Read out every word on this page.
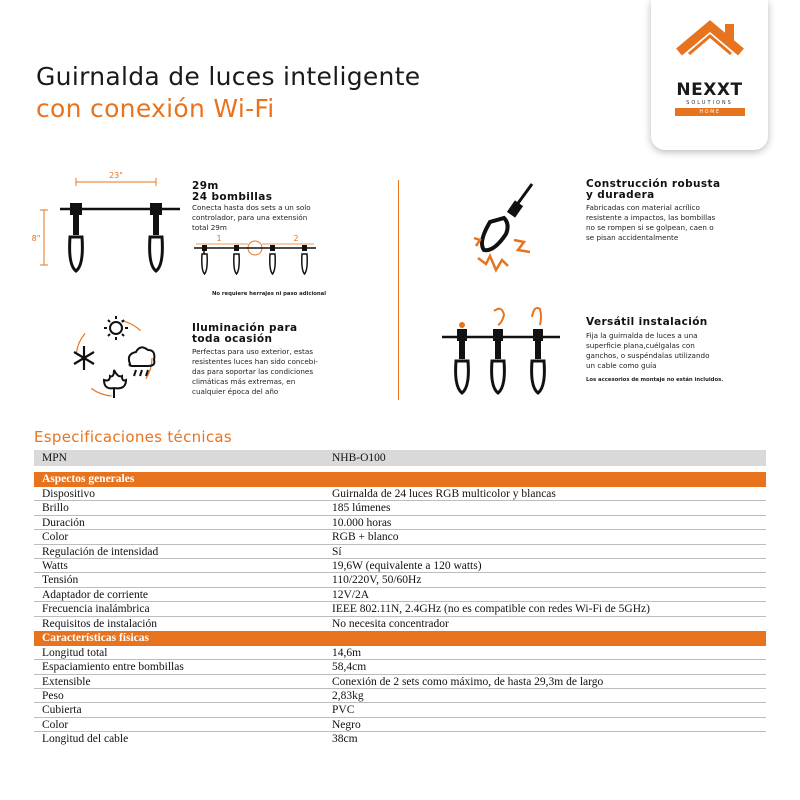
Guirnalda de luces inteligente
con conexión Wi-Fi
NEXXT
SOLUTIONS
HOME
23"
8"
29m
24 bombillas
Conecta hasta dos sets a un solo
controlador, para una extensión
total 29m
1	2
No requiere herrajes ni paso adicional
Construcción robusta
y duradera
Fabricadas con material acrílico
resistente a impactos, las bombillas
no se rompen si se golpean, caen o
se pisan accidentalmente
Iluminación para
toda ocasión
Perfectas para uso exterior, estas
resistentes luces han sido concebi-
das para soportar las condiciones
climáticas más extremas, en
cualquier época del año
Versátil instalación
Fija la guirnalda de luces a una
superficie plana,cuélgalas con
ganchos, o suspéndalas utilizando
un cable como guía
Los accesorios de montaje no están incluidos.
Especificaciones técnicas
MPN	NHB-O100
Aspectos generales
Dispositivo	Guirnalda de 24 luces RGB multicolor y blancas
Brillo	185 lúmenes
Duración	10.000 horas
Color	RGB + blanco
Regulación de intensidad	Sí
Watts	19,6W (equivalente a 120 watts)
Tensión	110/220V, 50/60Hz
Adaptador de corriente	12V/2A
Frecuencia inalámbrica	IEEE 802.11N, 2.4GHz (no es compatible con redes Wi-Fi de 5GHz)
Requisitos de instalación	No necesita concentrador
Características físicas
Longitud total	14,6m
Espaciamiento entre bombillas	58,4cm
Extensible	Conexión de 2 sets como máximo, de hasta 29,3m de largo
Peso	2,83kg
Cubierta	PVC
Color	Negro
Longitud del cable	38cm
